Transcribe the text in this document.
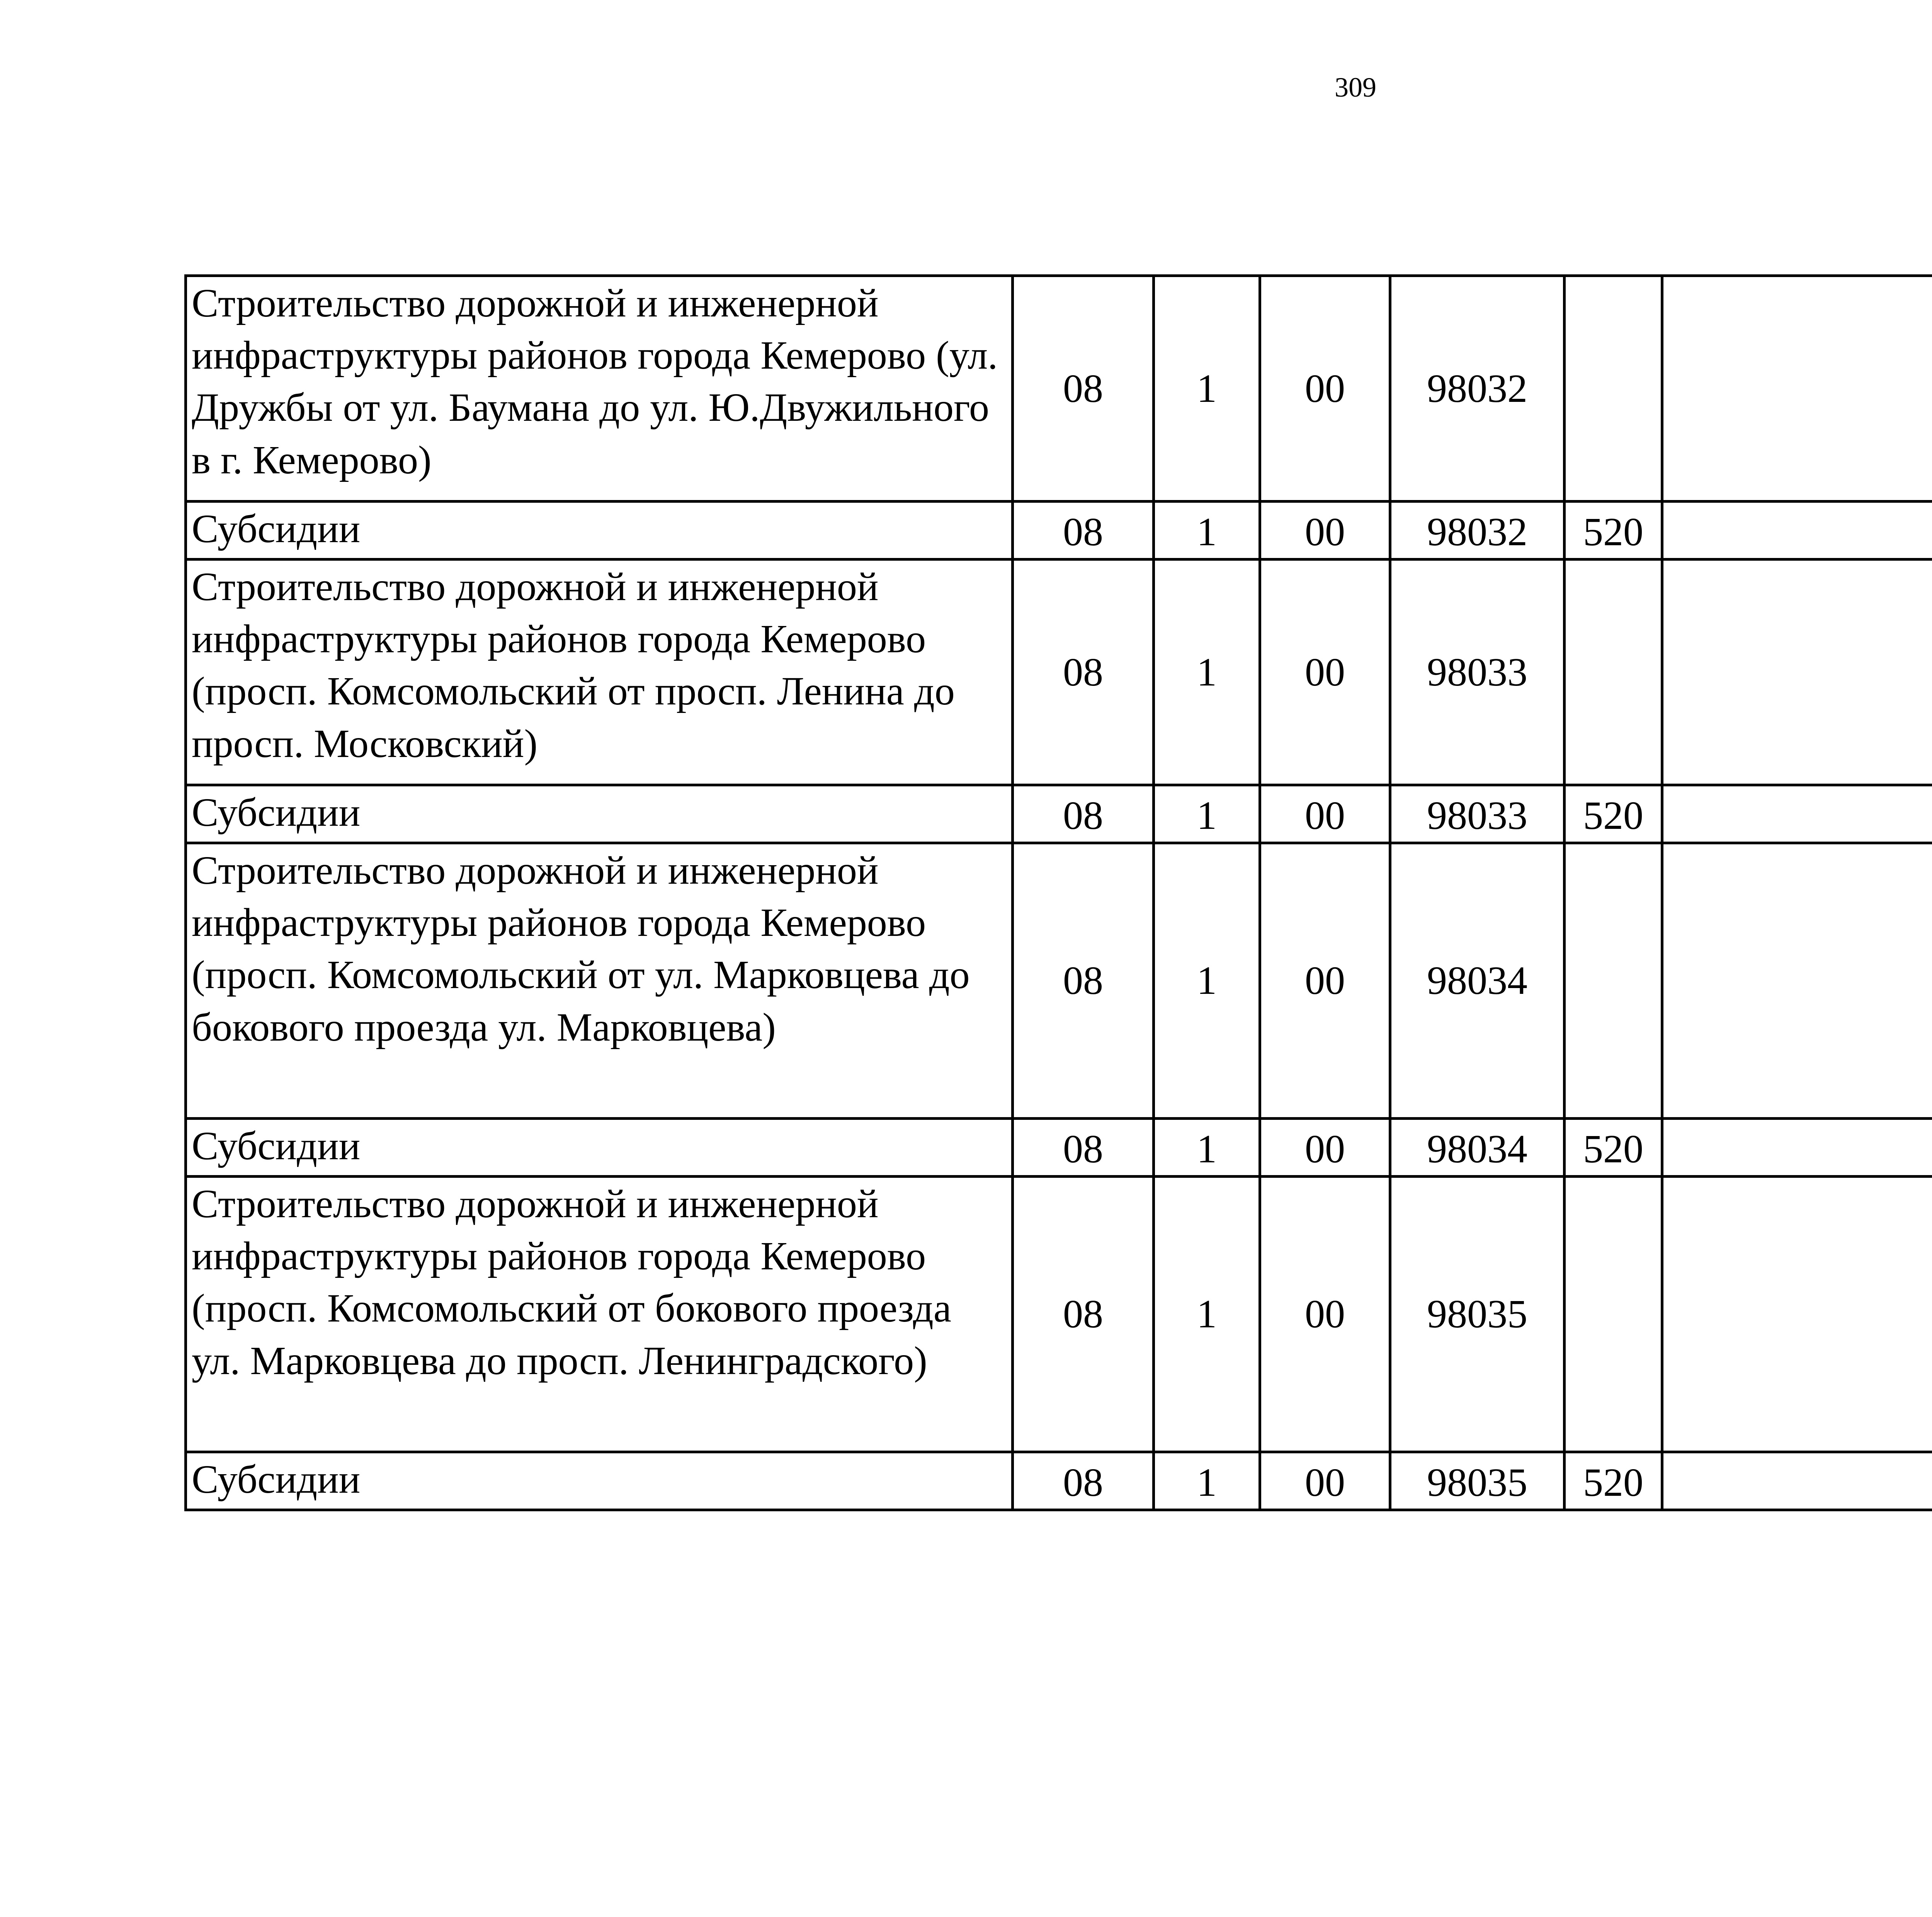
309
Строительство дорожной и инженерной инфраструктуры районов города Кемерово (ул. Дружбы от ул. Баумана до ул. Ю.Двужильного в г. Кемерово)	08	1	00	98032				
Субсидии	08	1	00	98032	520			
Строительство дорожной и инженерной инфраструктуры районов города Кемерово (просп. Комсомольский от просп. Ленина до просп. Московский)	08	1	00	98033				
Субсидии	08	1	00	98033	520			
Строительство дорожной и инженерной инфраструктуры районов города Кемерово (просп. Комсомольский от ул. Марковцева до бокового проезда ул. Марковцева)	08	1	00	98034				
Субсидии	08	1	00	98034	520			
Строительство дорожной и инженерной инфраструктуры районов города Кемерово (просп. Комсомольский от бокового проезда ул. Марковцева до просп. Ленинградского)	08	1	00	98035				
Субсидии	08	1	00	98035	520			
